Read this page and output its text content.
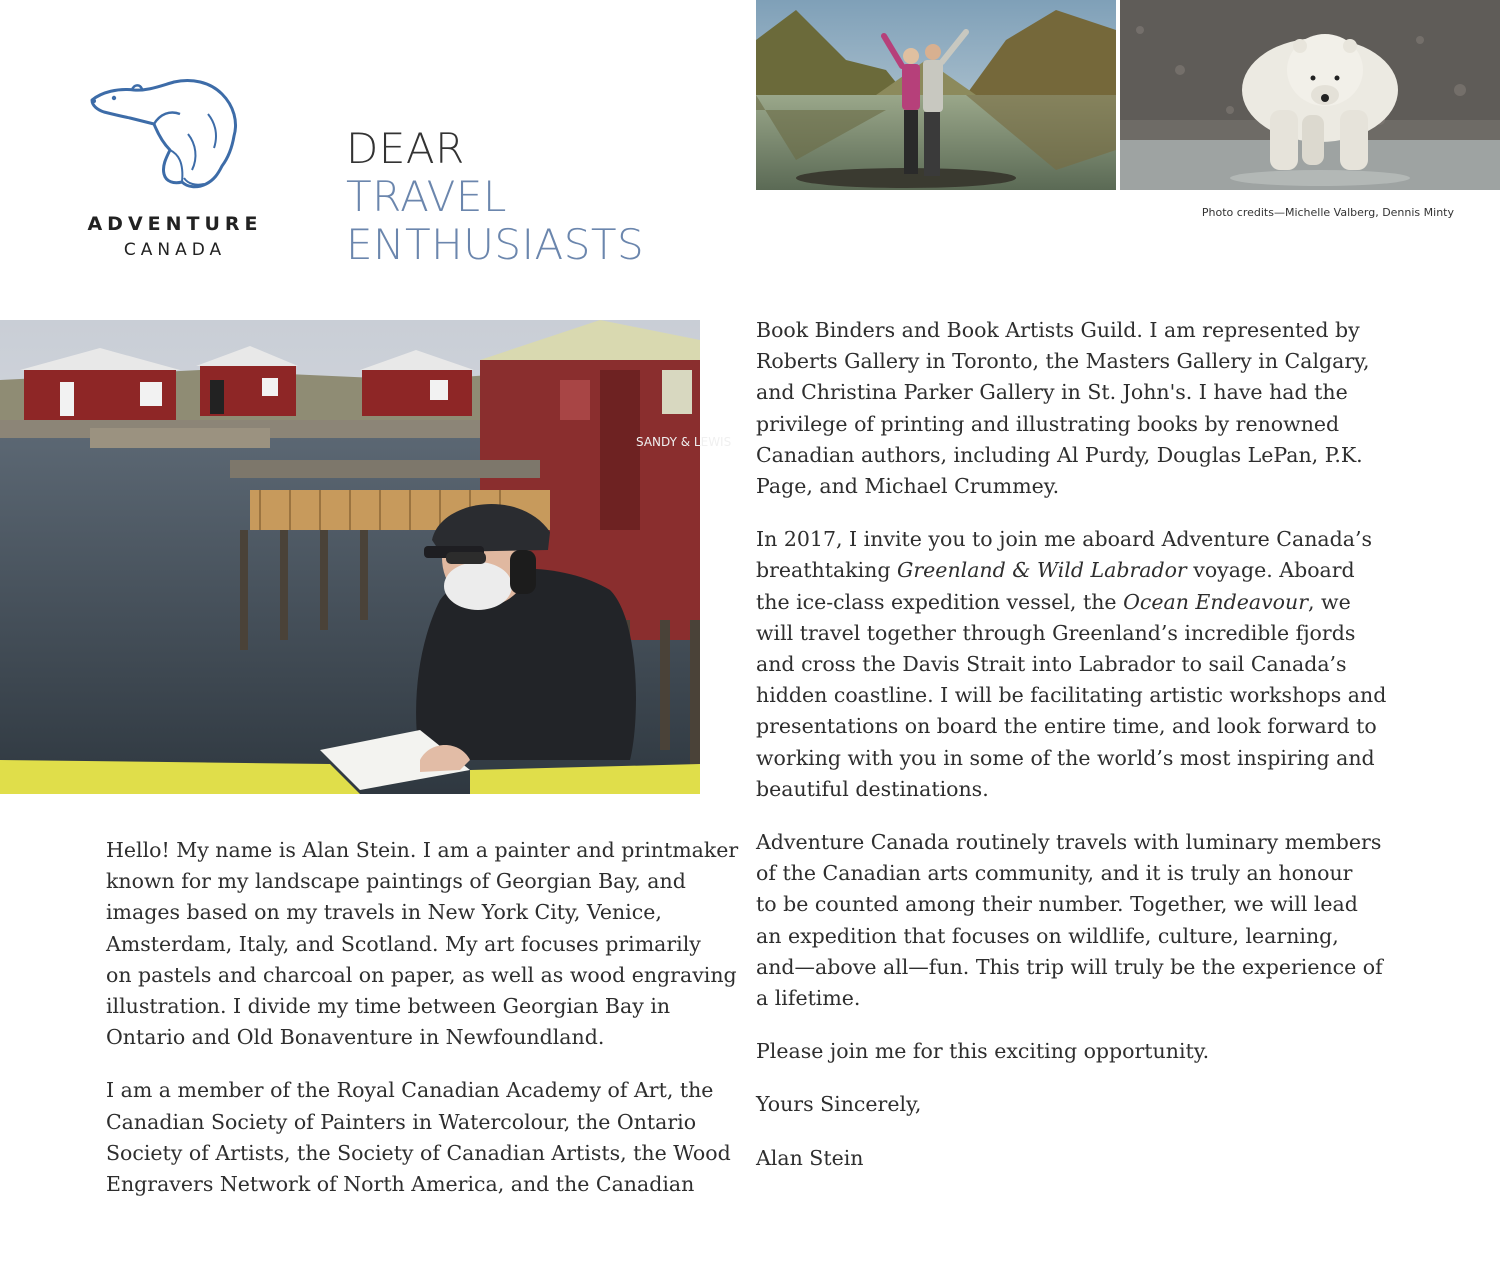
ADVENTURE
CANADA
DEAR
TRAVEL
ENTHUSIASTS
Photo credits—Michelle Valberg, Dennis Minty
SANDY & LEWIS

Hello! My name is Alan Stein. I am a painter and printmaker
known for my landscape paintings of Georgian Bay, and
images based on my travels in New York City, Venice,
Amsterdam, Italy, and Scotland. My art focuses primarily
on pastels and charcoal on paper, as well as wood engraving
illustration. I divide my time between Georgian Bay in
Ontario and Old Bonaventure in Newfoundland.

I am a member of the Royal Canadian Academy of Art, the
Canadian Society of Painters in Watercolour, the Ontario
Society of Artists, the Society of Canadian Artists, the Wood
Engravers Network of North America, and the Canadian

Book Binders and Book Artists Guild. I am represented by
Roberts Gallery in Toronto, the Masters Gallery in Calgary,
and Christina Parker Gallery in St. John's. I have had the
privilege of printing and illustrating books by renowned
Canadian authors, including Al Purdy, Douglas LePan, P.K.
Page, and Michael Crummey.

In 2017, I invite you to join me aboard Adventure Canada’s
breathtaking Greenland & Wild Labrador voyage. Aboard
the ice-class expedition vessel, the Ocean Endeavour, we
will travel together through Greenland’s incredible fjords
and cross the Davis Strait into Labrador to sail Canada’s
hidden coastline. I will be facilitating artistic workshops and
presentations on board the entire time, and look forward to
working with you in some of the world’s most inspiring and
beautiful destinations.

Adventure Canada routinely travels with luminary members
of the Canadian arts community, and it is truly an honour
to be counted among their number. Together, we will lead
an expedition that focuses on wildlife, culture, learning,
and—above all—fun. This trip will truly be the experience of
a lifetime.

Please join me for this exciting opportunity.

Yours Sincerely,

Alan Stein
